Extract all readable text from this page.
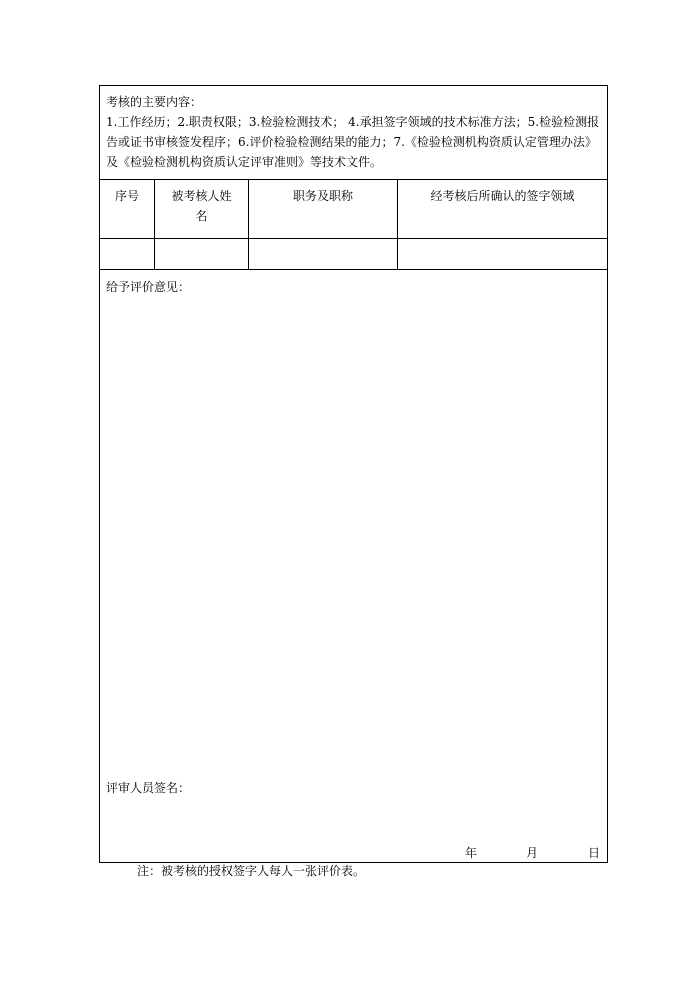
考核的主要内容：
1.工作经历；2.职责权限；3.检验检测技术； 4.承担签字领域的技术标准方法；5.检验检测报告或证书审核签发程序；6.评价检验检测结果的能力；7.《检验检测机构资质认定管理办法》及《检验检测机构资质认定评审准则》等技术文件。			

序号	被考核人姓名	职务及职称	经考核后所确认的签字领域

给予评价意见：
评审人员签名：
年 月 日			
注：被考核的授权签字人每人一张评价表。
